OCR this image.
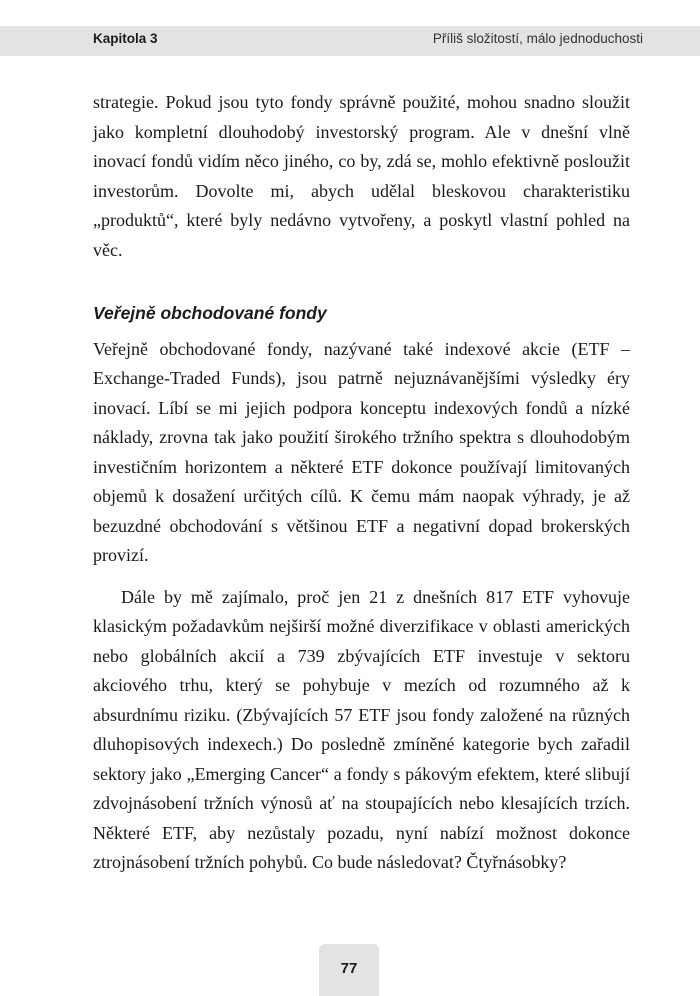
Kapitola 3	Příliš složitostí, málo jednoduchosti

strategie. Pokud jsou tyto fondy správně použité, mohou snadno sloužit jako kompletní dlouhodobý investorský program. Ale v dnešní vlně inovací fondů vidím něco jiného, co by, zdá se, mohlo efektivně posloužit investorům. Dovolte mi, abych udělal bleskovou charakteristiku „produktů“, které byly nedávno vytvořeny, a poskytl vlastní pohled na věc.

Veřejně obchodované fondy

Veřejně obchodované fondy, nazývané také indexové akcie (ETF – Exchange-Traded Funds), jsou patrně nejuznávanějšími výsledky éry inovací. Líbí se mi jejich podpora konceptu indexových fondů a nízké náklady, zrovna tak jako použití širokého tržního spektra s dlouhodobým investičním horizontem a některé ETF dokonce používají limitovaných objemů k dosažení určitých cílů. K čemu mám naopak výhrady, je až bezuzdné obchodování s většinou ETF a negativní dopad brokerských provizí.

Dále by mě zajímalo, proč jen 21 z dnešních 817 ETF vyhovuje klasickým požadavkům nejširší možné diverzifikace v oblasti amerických nebo globálních akcií a 739 zbývajících ETF investuje v sektoru akciového trhu, který se pohybuje v mezích od rozumného až k absurdnímu riziku. (Zbývajících 57 ETF jsou fondy založené na různých dluhopisových indexech.) Do posledně zmíněné kategorie bych zařadil sektory jako „Emerging Cancer“ a fondy s pákovým efektem, které slibují zdvojnásobení tržních výnosů ať na stoupajících nebo klesajících trzích. Některé ETF, aby nezůstaly pozadu, nyní nabízí možnost dokonce ztrojnásobení tržních pohybů. Co bude následovat? Čtyřnásobky?

77
